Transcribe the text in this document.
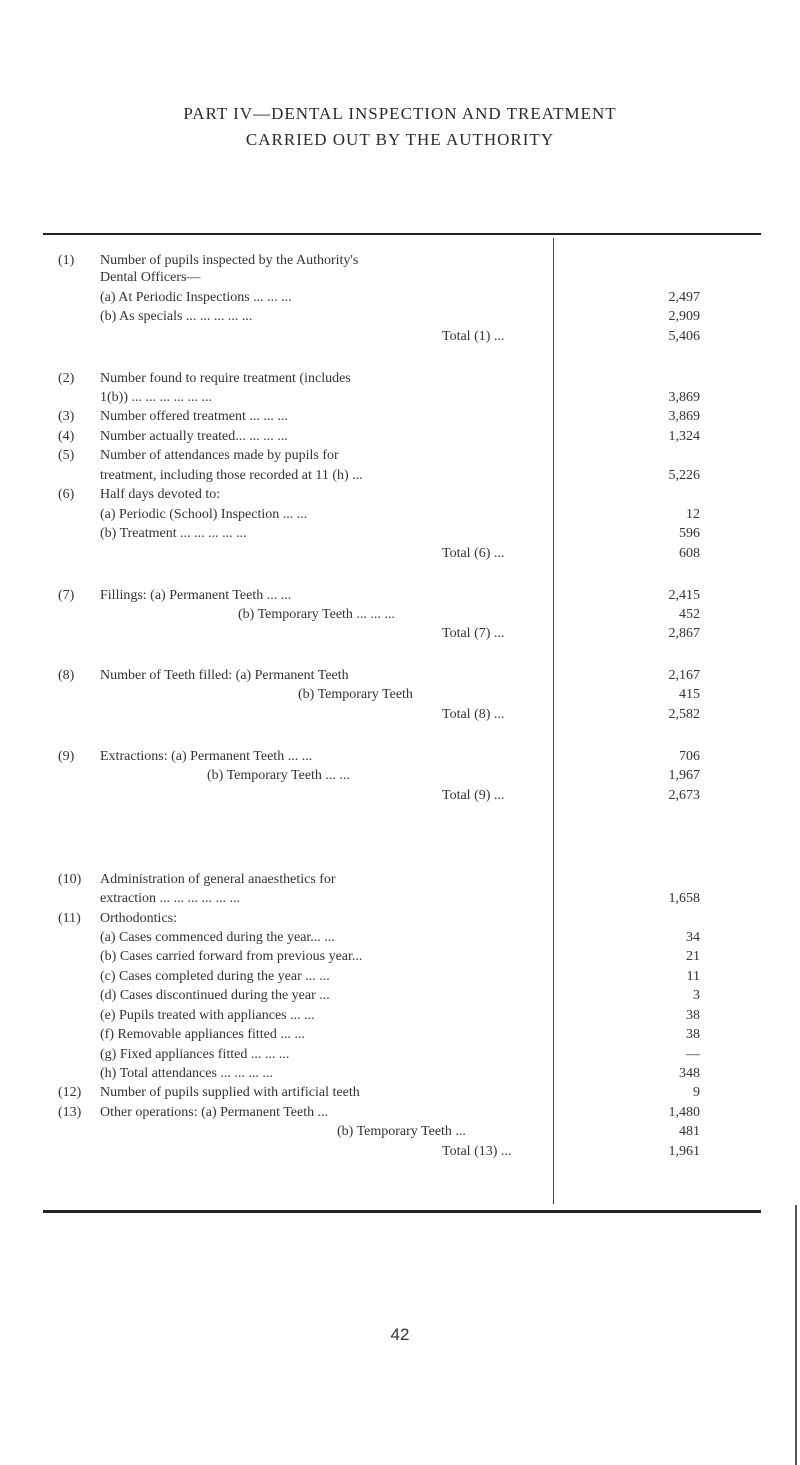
PART IV—DENTAL INSPECTION AND TREATMENT
CARRIED OUT BY THE AUTHORITY
(1) Number of pupils inspected by the Authority's
Dental Officers—
(a) At Periodic Inspections ... ... ...	2,497
(b) As specials ... ... ... ... ...	2,909
Total (1) ...	5,406
(2) Number found to require treatment (includes
1(b)) ... ... ... ... ... ...	3,869
(3) Number offered treatment ... ... ...	3,869
(4) Number actually treated... ... ... ...	1,324
(5) Number of attendances made by pupils for
treatment, including those recorded at 11 (h) ...	5,226
(6) Half days devoted to:
(a) Periodic (School) Inspection ... ...	12
(b) Treatment ... ... ... ... ...	596
Total (6) ...	608
(7) Fillings: (a) Permanent Teeth ... ...	2,415
(b) Temporary Teeth ... ... ...	452
Total (7) ...	2,867
(8) Number of Teeth filled: (a) Permanent Teeth	2,167
(b) Temporary Teeth	415
Total (8) ...	2,582
(9) Extractions: (a) Permanent Teeth ... ...	706
(b) Temporary Teeth ... ...	1,967
Total (9) ...	2,673
(10) Administration of general anaesthetics for
extraction ... ... ... ... ... ...	1,658
(11) Orthodontics:
(a) Cases commenced during the year... ...	34
(b) Cases carried forward from previous year...	21
(c) Cases completed during the year ... ...	11
(d) Cases discontinued during the year ...	3
(e) Pupils treated with appliances ... ...	38
(f) Removable appliances fitted ... ...	38
(g) Fixed appliances fitted ... ... ...	—
(h) Total attendances ... ... ... ...	348
(12) Number of pupils supplied with artificial teeth	9
(13) Other operations: (a) Permanent Teeth ...	1,480
(b) Temporary Teeth ...	481
Total (13) ...	1,961
42
